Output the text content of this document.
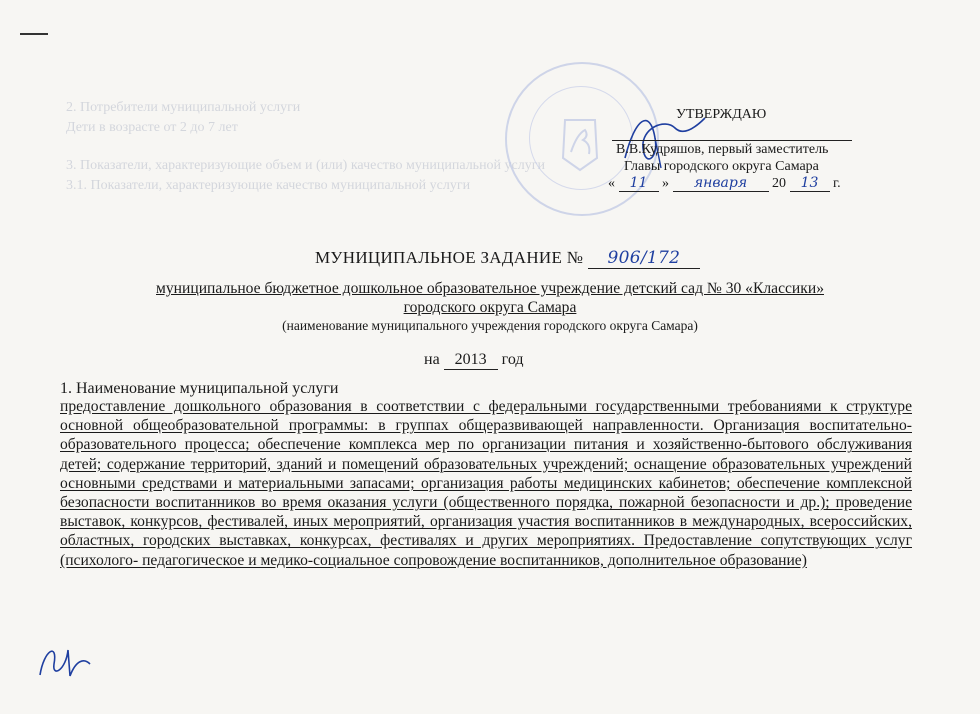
2. Потребители муниципальной услуги
Дети в возрасте от 2 до 7 лет
3. Показатели, характеризующие объем и (или) качество муниципальной услуги
3.1. Показатели, характеризующие качество муниципальной услуги
УТВЕРЖДАЮ
В.В.Кудряшов, первый заместитель
Главы городского округа Самара
« 11 » января 20 13 г.
МУНИЦИПАЛЬНОЕ ЗАДАНИЕ № 906/172
муниципальное бюджетное дошкольное образовательное учреждение детский сад № 30 «Классики»
городского округа Самара
(наименование муниципального учреждения городского округа Самара)
на 2013 год
1. Наименование муниципальной услуги
предоставление дошкольного образования в соответствии с федеральными государственными требованиями к структуре основной общеобразовательной программы: в группах общеразвивающей направленности. Организация воспитательно-образовательного процесса; обеспечение комплекса мер по организации питания и хозяйственно-бытового обслуживания детей; содержание территорий, зданий и помещений образовательных учреждений; оснащение образовательных учреждений основными средствами и материальными запасами; организация работы медицинских кабинетов; обеспечение комплексной безопасности воспитанников во время оказания услуги (общественного порядка, пожарной безопасности и др.); проведение выставок, конкурсов, фестивалей, иных мероприятий, организация участия воспитанников в международных, всероссийских, областных, городских выставках, конкурсах, фестивалях и других мероприятиях. Предоставление сопутствующих услуг (психолого- педагогическое и медико-социальное сопровождение воспитанников, дополнительное образование)
